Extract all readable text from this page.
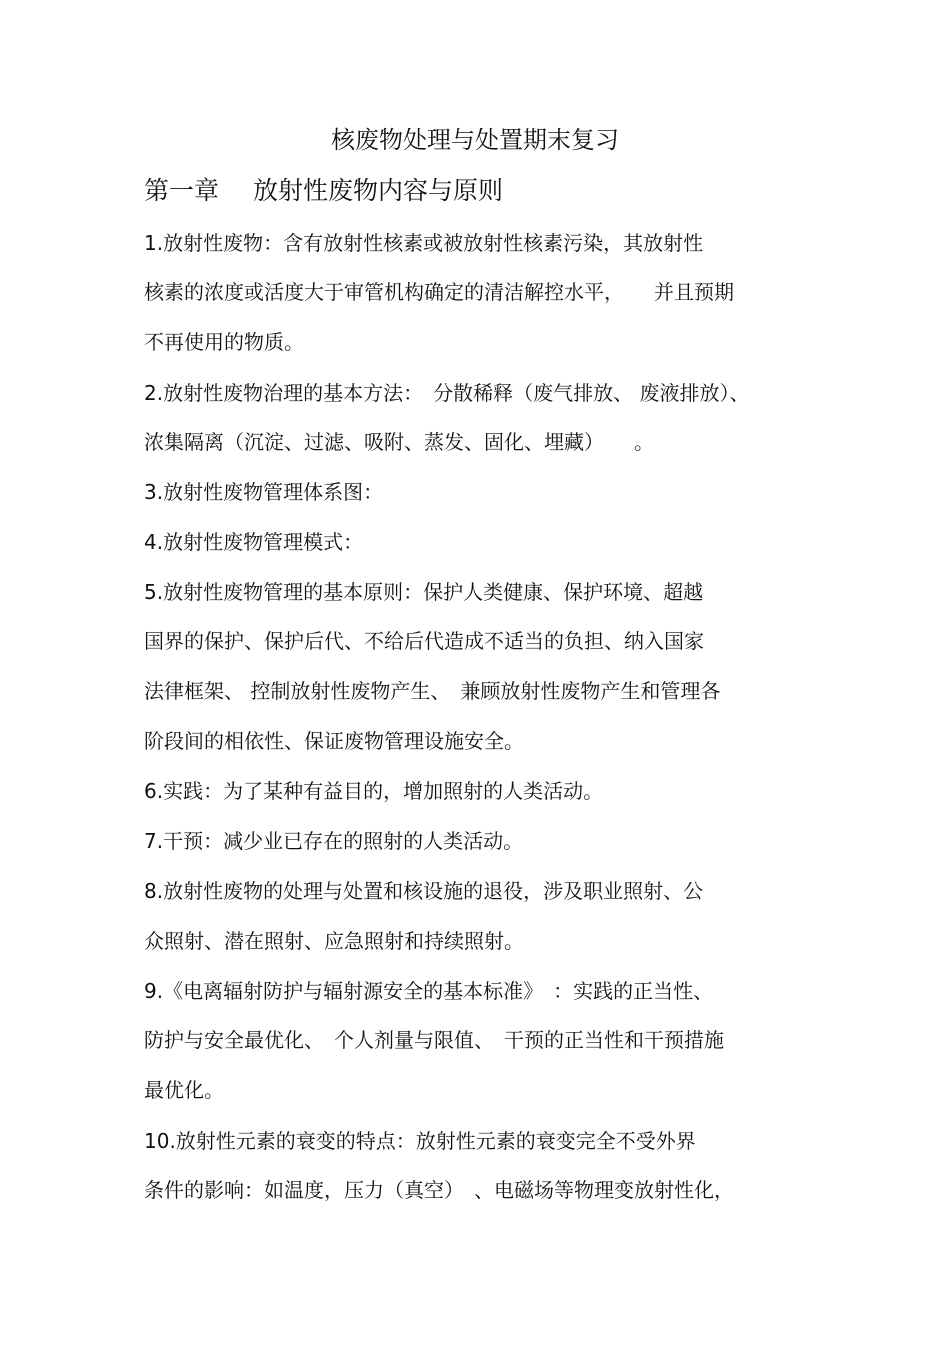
核废物处理与处置期末复习
第一章 放射性废物内容与原则
1.放射性废物：含有放射性核素或被放射性核素污染，其放射性
核素的浓度或活度大于审管机构确定的清洁解控水平，　　并且预期
不再使用的物质。
2.放射性废物治理的基本方法：　分散稀释（废气排放、 废液排放）、
浓集隔离（沉淀、过滤、吸附、蒸发、固化、埋藏）　　。
3.放射性废物管理体系图：
4.放射性废物管理模式：
5.放射性废物管理的基本原则：保护人类健康、保护环境、超越
国界的保护、保护后代、不给后代造成不适当的负担、纳入国家
法律框架、 控制放射性废物产生、　兼顾放射性废物产生和管理各
阶段间的相依性、保证废物管理设施安全。
6.实践：为了某种有益目的，增加照射的人类活动。
7.干预：减少业已存在的照射的人类活动。
8.放射性废物的处理与处置和核设施的退役，涉及职业照射、公
众照射、潜在照射、应急照射和持续照射。
9.《电离辐射防护与辐射源安全的基本标准》　：实践的正当性、
防护与安全最优化、　个人剂量与限值、　干预的正当性和干预措施
最优化。
10.放射性元素的衰变的特点：放射性元素的衰变完全不受外界
条件的影响：如温度，压力（真空）　、电磁场等物理变放射性化，
